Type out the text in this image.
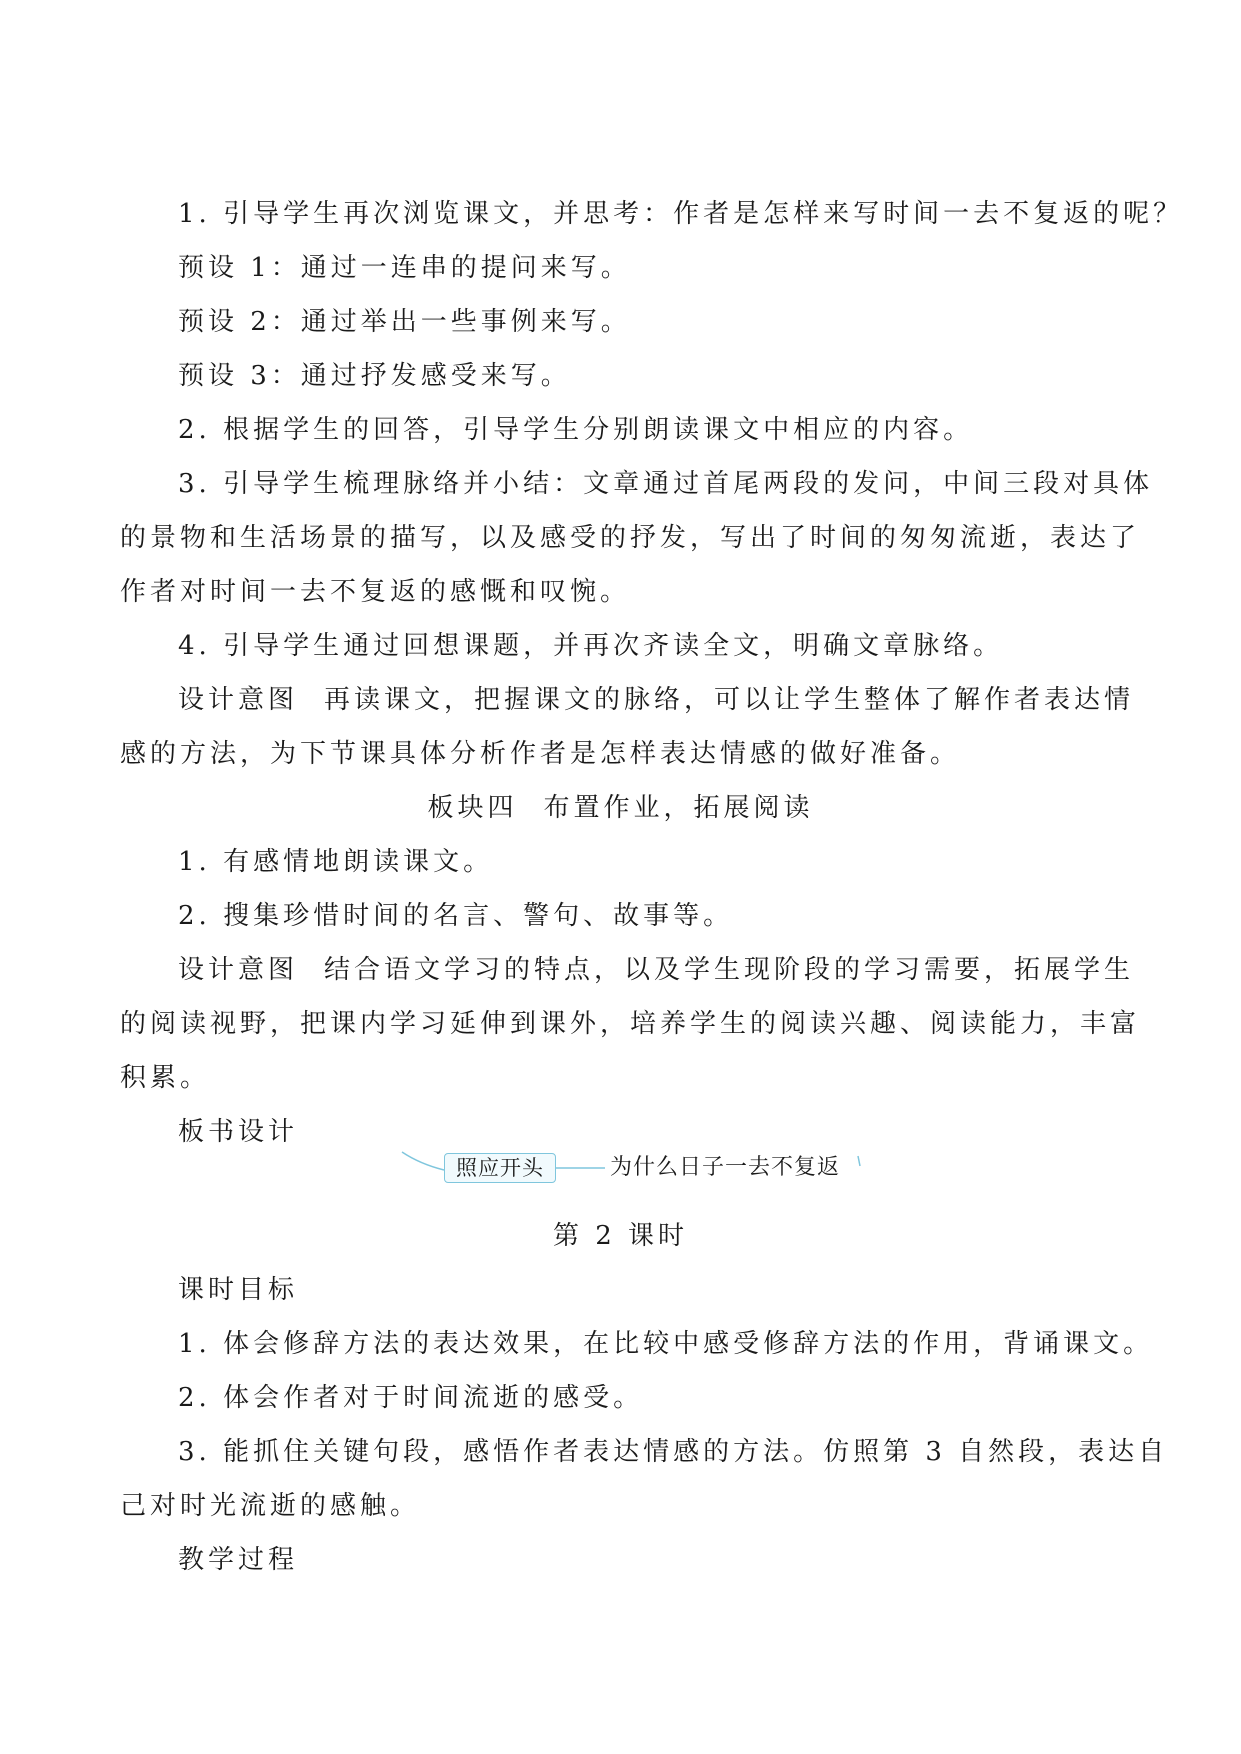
1. 引导学生再次浏览课文，并思考：作者是怎样来写时间一去不复返的呢？
预设 1：通过一连串的提问来写。
预设 2：通过举出一些事例来写。
预设 3：通过抒发感受来写。
2. 根据学生的回答，引导学生分别朗读课文中相应的内容。
3. 引导学生梳理脉络并小结：文章通过首尾两段的发问，中间三段对具体
的景物和生活场景的描写，以及感受的抒发，写出了时间的匆匆流逝，表达了
作者对时间一去不复返的感慨和叹惋。
4. 引导学生通过回想课题，并再次齐读全文，明确文章脉络。
设计意图 再读课文，把握课文的脉络，可以让学生整体了解作者表达情
感的方法，为下节课具体分析作者是怎样表达情感的做好准备。
板块四 布置作业，拓展阅读
1. 有感情地朗读课文。
2. 搜集珍惜时间的名言、警句、故事等。
设计意图 结合语文学习的特点，以及学生现阶段的学习需要，拓展学生
的阅读视野，把课内学习延伸到课外，培养学生的阅读兴趣、阅读能力，丰富
积累。
板书设计
照应开头	为什么日子一去不复返
第 2 课时
课时目标
1. 体会修辞方法的表达效果，在比较中感受修辞方法的作用，背诵课文。
2. 体会作者对于时间流逝的感受。
3. 能抓住关键句段，感悟作者表达情感的方法。仿照第 3 自然段，表达自
己对时光流逝的感触。
教学过程
